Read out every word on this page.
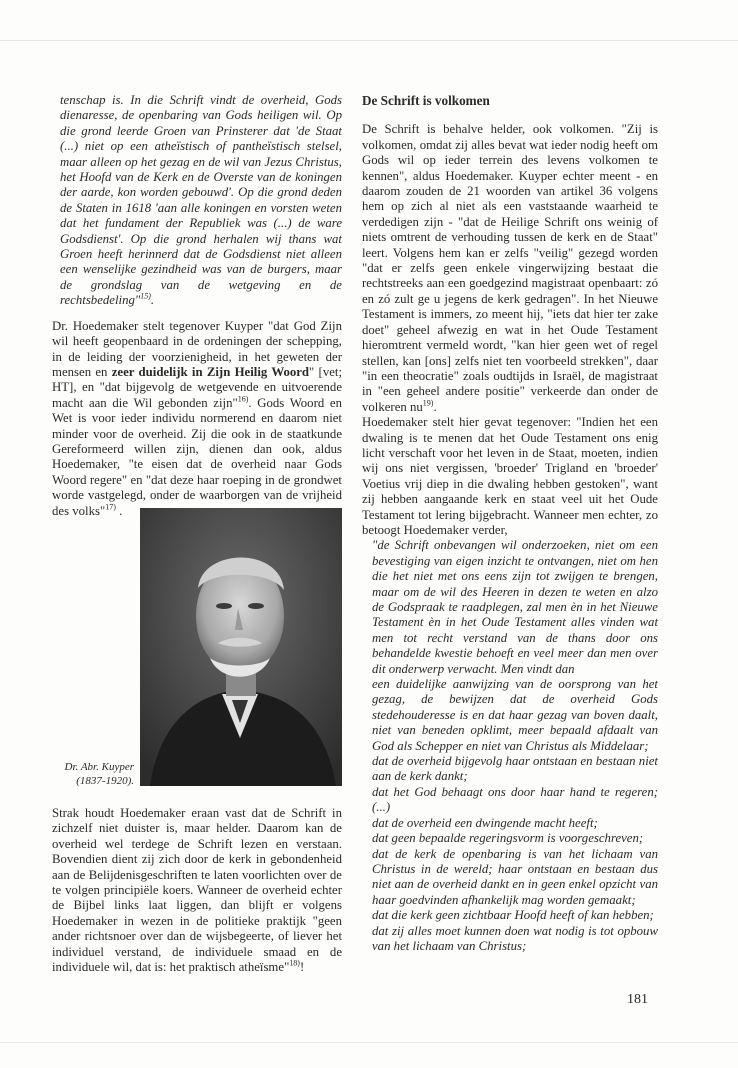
tenschap is. In die Schrift vindt de overheid, Gods dienaresse, de openbaring van Gods heiligen wil. Op die grond leerde Groen van Prinsterer dat 'de Staat (...) niet op een atheïstisch of pantheïstisch stelsel, maar alleen op het gezag en de wil van Jezus Christus, het Hoofd van de Kerk en de Overste van de koningen der aarde, kon worden gebouwd'. Op die grond deden de Staten in 1618 'aan alle koningen en vorsten weten dat het fundament der Republiek was (...) de ware Godsdienst'. Op die grond herhalen wij thans wat Groen heeft herinnerd dat de Godsdienst niet alleen een wenselijke gezindheid was van de burgers, maar de grondslag van de wetgeving en de rechtsbedeling"$^{15)}$.

Dr. Hoedemaker stelt tegenover Kuyper "dat God Zijn wil heeft geopenbaard in de ordeningen der schepping, in de leiding der voorzienigheid, in het geweten der mensen en zeer duidelijk in Zijn Heilig Woord" [vet; HT], en "dat bijgevolg de wetgevende en uitvoerende macht aan die Wil gebonden zijn"$^{16)}$. Gods Woord en Wet is voor ieder individu normerend en daarom niet minder voor de overheid. Zij die ook in de staatkunde Gereformeerd willen zijn, dienen dan ook, aldus Hoedemaker, "te eisen dat de overheid naar Gods Woord regere" en "dat deze haar roeping in de grondwet worde vastgelegd, onder de waarborgen van de vrijheid des volks"$^{17)}$ .

Dr. Abr. Kuyper
(1837-1920).

Strak houdt Hoedemaker eraan vast dat de Schrift in zichzelf niet duister is, maar helder. Daarom kan de overheid wel terdege de Schrift lezen en verstaan. Bovendien dient zij zich door de kerk in gebondenheid aan de Belijdenisgeschriften te laten voorlichten over de te volgen principiële koers. Wanneer de overheid echter de Bijbel links laat liggen, dan blijft er volgens Hoedemaker in wezen in de politieke praktijk "geen ander richtsnoer over dan de wijsbegeerte, of liever het individuel verstand, de individuele smaad en de individuele wil, dat is: het praktisch atheïsme"$^{18)}$!

De Schrift is volkomen

De Schrift is behalve helder, ook volkomen. "Zij is volkomen, omdat zij alles bevat wat ieder nodig heeft om Gods wil op ieder terrein des levens volkomen te kennen", aldus Hoedemaker. Kuyper echter meent - en daarom zouden de 21 woorden van artikel 36 volgens hem op zich al niet als een vaststaande waarheid te verdedigen zijn - "dat de Heilige Schrift ons weinig of niets omtrent de verhouding tussen de kerk en de Staat" leert. Volgens hem kan er zelfs "veilig" gezegd worden "dat er zelfs geen enkele vingerwijzing bestaat die rechtstreeks aan een goedgezind magistraat openbaart: zó en zó zult ge u jegens de kerk gedragen". In het Nieuwe Testament is immers, zo meent hij, "iets dat hier ter zake doet" geheel afwezig en wat in het Oude Testament hieromtrent vermeld wordt, "kan hier geen wet of regel stellen, kan [ons] zelfs niet ten voorbeeld strekken", daar "in een theocratie" zoals oudtijds in Israël, de magistraat in "een geheel andere positie" verkeerde dan onder de volkeren $nu^{19)}$.

Hoedemaker stelt hier gevat tegenover: "Indien het een dwaling is te menen dat het Oude Testament ons enig licht verschaft voor het leven in de Staat, moeten, indien wij ons niet vergissen, 'broeder' Trigland en 'broeder' Voetius vrij diep in die dwaling hebben gestoken", want zij hebben aangaande kerk en staat veel uit het Oude Testament tot lering bijgebracht. Wanneer men echter, zo betoogt Hoedemaker verder,

"de Schrift onbevangen wil onderzoeken, niet om een bevestiging van eigen inzicht te ontvangen, niet om hen die het niet met ons eens zijn tot zwijgen te brengen, maar om de wil des Heeren in dezen te weten en alzo de Godspraak te raadplegen, zal men èn in het Nieuwe Testament èn in het Oude Testament alles vinden wat men tot recht verstand van de thans door ons behandelde kwestie behoeft en veel meer dan men over dit onderwerp verwacht. Men vindt dan

een duidelijke aanwijzing van de oorsprong van het gezag, de bewijzen dat de overheid Gods stedehouderesse is en dat haar gezag van boven daalt, niet van beneden opklimt, meer bepaald afdaalt van God als Schepper en niet van Christus als Middelaar;

dat de overheid bijgevolg haar ontstaan en bestaan niet aan de kerk dankt;

dat het God behaagt ons door haar hand te regeren; (...)

dat de overheid een dwingende macht heeft;

dat geen bepaalde regeringsvorm is voorgeschreven;

dat de kerk de openbaring is van het lichaam van Christus in de wereld; haar ontstaan en bestaan dus niet aan de overheid dankt en in geen enkel opzicht van haar goedvinden afhankelijk mag worden gemaakt;

dat die kerk geen zichtbaar Hoofd heeft of kan hebben;

dat zij alles moet kunnen doen wat nodig is tot opbouw van het lichaam van Christus;

181
